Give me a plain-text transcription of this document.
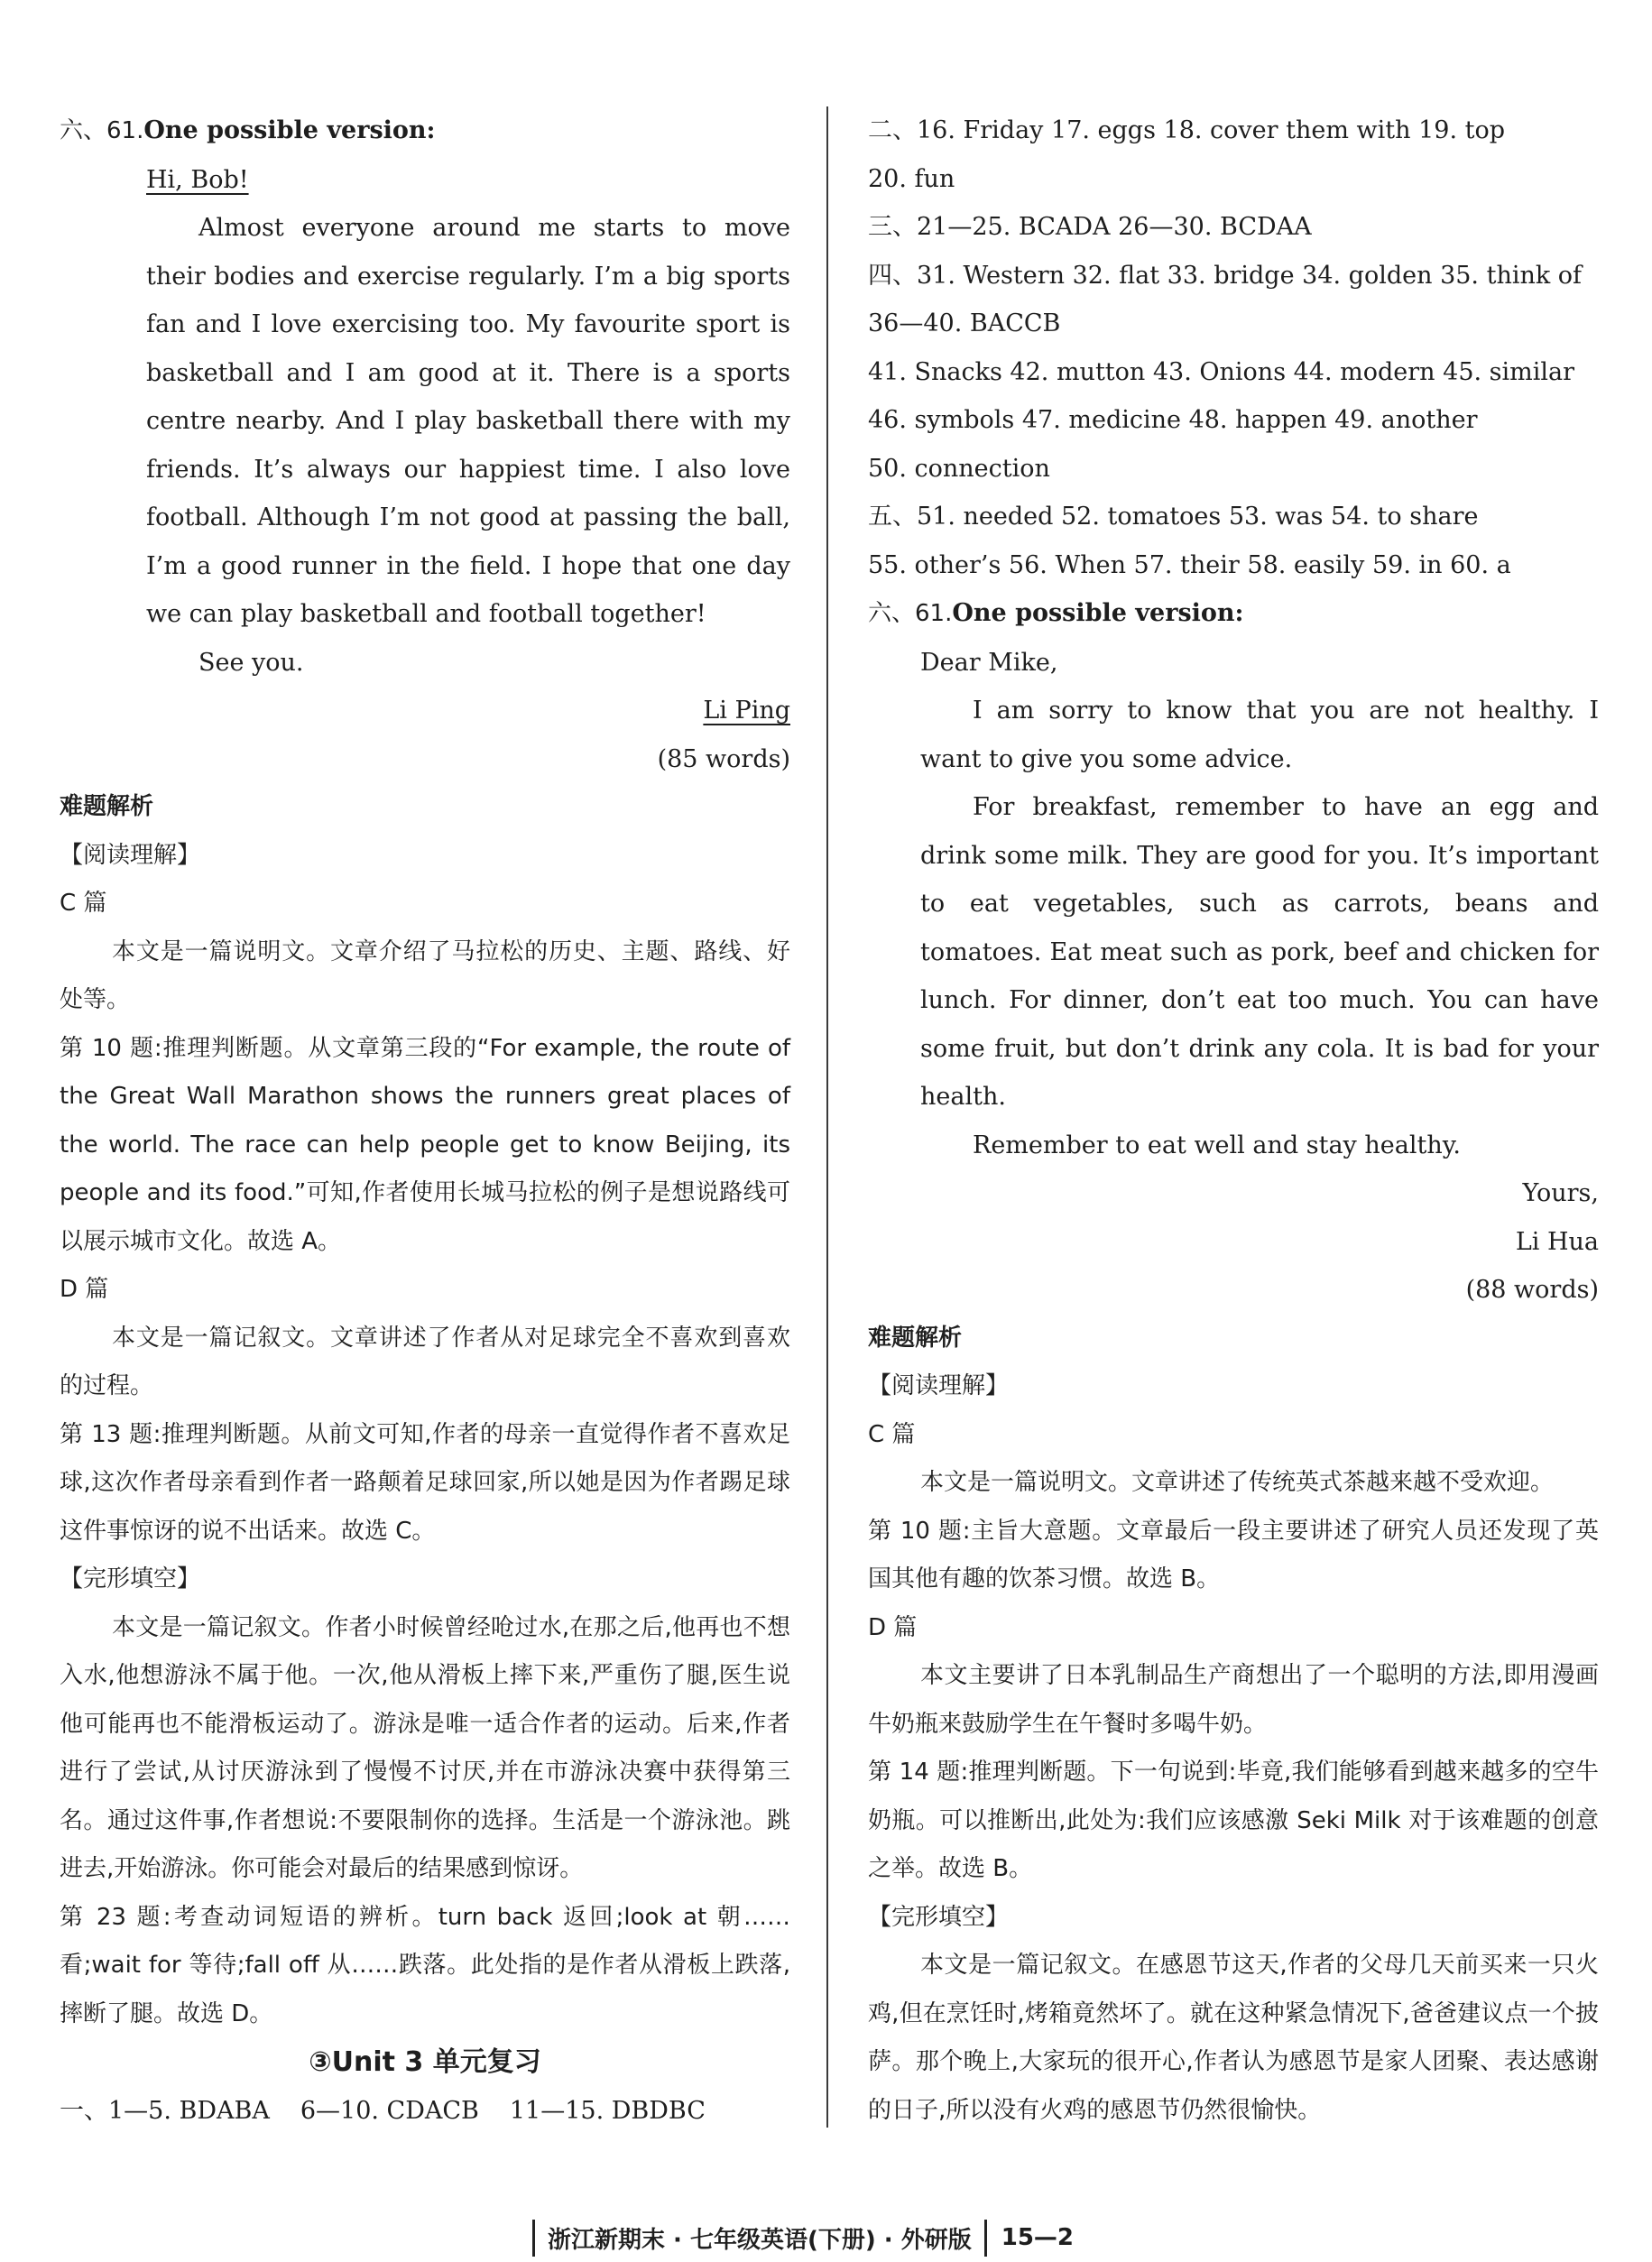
六、61.One possible version:
Hi, Bob!
Almost everyone around me starts to move their bodies and exercise regularly. I’m a big sports fan and I love exercising too. My favourite sport is basketball and I am good at it. There is a sports centre nearby. And I play basketball there with my friends. It’s always our happiest time. I also love football. Although I’m not good at passing the ball, I’m a good runner in the field. I hope that one day we can play basketball and football together!
See you.
Li Ping
(85 words)
难题解析
【阅读理解】
C 篇
本文是一篇说明文。文章介绍了马拉松的历史、主题、路线、好处等。
第 10 题:推理判断题。从文章第三段的“For example, the route of the Great Wall Marathon shows the runners great places of the world. The race can help people get to know Beijing, its people and its food.”可知,作者使用长城马拉松的例子是想说路线可以展示城市文化。故选 A。
D 篇
本文是一篇记叙文。文章讲述了作者从对足球完全不喜欢到喜欢的过程。
第 13 题:推理判断题。从前文可知,作者的母亲一直觉得作者不喜欢足球,这次作者母亲看到作者一路颠着足球回家,所以她是因为作者踢足球这件事惊讶的说不出话来。故选 C。
【完形填空】
本文是一篇记叙文。作者小时候曾经呛过水,在那之后,他再也不想入水,他想游泳不属于他。一次,他从滑板上摔下来,严重伤了腿,医生说他可能再也不能滑板运动了。游泳是唯一适合作者的运动。后来,作者进行了尝试,从讨厌游泳到了慢慢不讨厌,并在市游泳决赛中获得第三名。通过这件事,作者想说:不要限制你的选择。生活是一个游泳池。跳进去,开始游泳。你可能会对最后的结果感到惊讶。
第 23 题:考查动词短语的辨析。turn back 返回;look at 朝……看;wait for 等待;fall off 从……跌落。此处指的是作者从滑板上跌落,摔断了腿。故选 D。
③Unit 3 单元复习
一、1—5. BDABA 6—10. CDACB 11—15. DBDBC
二、16. Friday 17. eggs 18. cover them with 19. top
20. fun
三、21—25. BCADA 26—30. BCDAA
四、31. Western 32. flat 33. bridge 34. golden 35. think of
36—40. BACCB
41. Snacks 42. mutton 43. Onions 44. modern 45. similar
46. symbols 47. medicine 48. happen 49. another
50. connection
五、51. needed 52. tomatoes 53. was 54. to share
55. other’s 56. When 57. their 58. easily 59. in 60. a
六、61.One possible version:
Dear Mike,
I am sorry to know that you are not healthy. I want to give you some advice.
For breakfast, remember to have an egg and drink some milk. They are good for you. It’s important to eat vegetables, such as carrots, beans and tomatoes. Eat meat such as pork, beef and chicken for lunch. For dinner, don’t eat too much. You can have some fruit, but don’t drink any cola. It is bad for your health.
Remember to eat well and stay healthy.
Yours,
Li Hua
(88 words)
难题解析
【阅读理解】
C 篇
本文是一篇说明文。文章讲述了传统英式茶越来越不受欢迎。
第 10 题:主旨大意题。文章最后一段主要讲述了研究人员还发现了英国其他有趣的饮茶习惯。故选 B。
D 篇
本文主要讲了日本乳制品生产商想出了一个聪明的方法,即用漫画牛奶瓶来鼓励学生在午餐时多喝牛奶。
第 14 题:推理判断题。下一句说到:毕竟,我们能够看到越来越多的空牛奶瓶。可以推断出,此处为:我们应该感激 Seki Milk 对于该难题的创意之举。故选 B。
【完形填空】
本文是一篇记叙文。在感恩节这天,作者的父母几天前买来一只火鸡,但在烹饪时,烤箱竟然坏了。就在这种紧急情况下,爸爸建议点一个披萨。那个晚上,大家玩的很开心,作者认为感恩节是家人团聚、表达感谢的日子,所以没有火鸡的感恩节仍然很愉快。
浙江新期末 · 七年级英语(下册) · 外研版	15—2
